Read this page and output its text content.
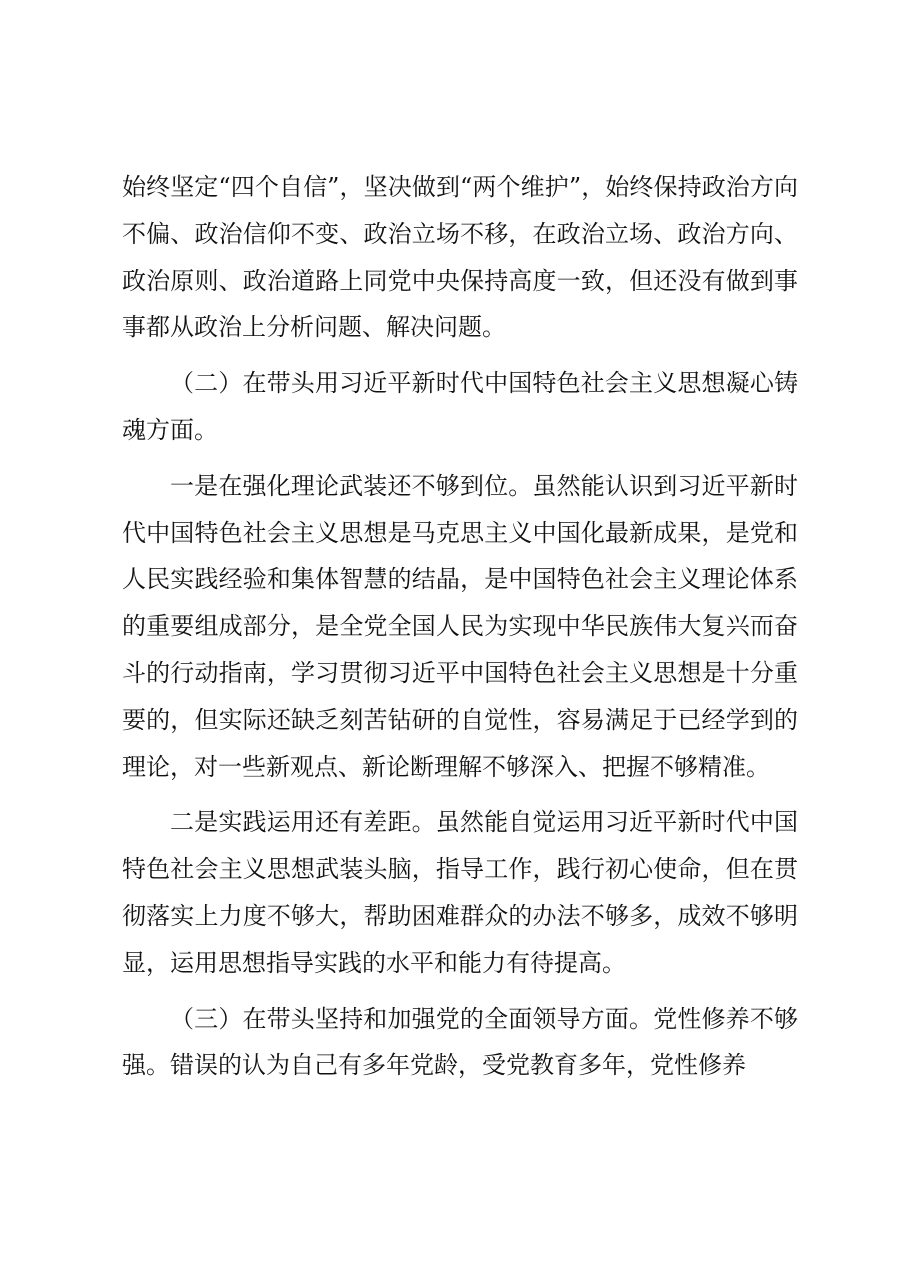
始终坚定“四个自信”，坚决做到“两个维护”，始终保持政治方向不偏、政治信仰不变、政治立场不移，在政治立场、政治方向、政治原则、政治道路上同党中央保持高度一致，但还没有做到事事都从政治上分析问题、解决问题。

（二）在带头用习近平新时代中国特色社会主义思想凝心铸魂方面。

一是在强化理论武装还不够到位。虽然能认识到习近平新时代中国特色社会主义思想是马克思主义中国化最新成果，是党和人民实践经验和集体智慧的结晶，是中国特色社会主义理论体系的重要组成部分，是全党全国人民为实现中华民族伟大复兴而奋斗的行动指南，学习贯彻习近平中国特色社会主义思想是十分重要的，但实际还缺乏刻苦钻研的自觉性，容易满足于已经学到的理论，对一些新观点、新论断理解不够深入、把握不够精准。

二是实践运用还有差距。虽然能自觉运用习近平新时代中国特色社会主义思想武装头脑，指导工作，践行初心使命，但在贯彻落实上力度不够大，帮助困难群众的办法不够多，成效不够明显，运用思想指导实践的水平和能力有待提高。

（三）在带头坚持和加强党的全面领导方面。党性修养不够强。错误的认为自己有多年党龄，受党教育多年，党性修养
